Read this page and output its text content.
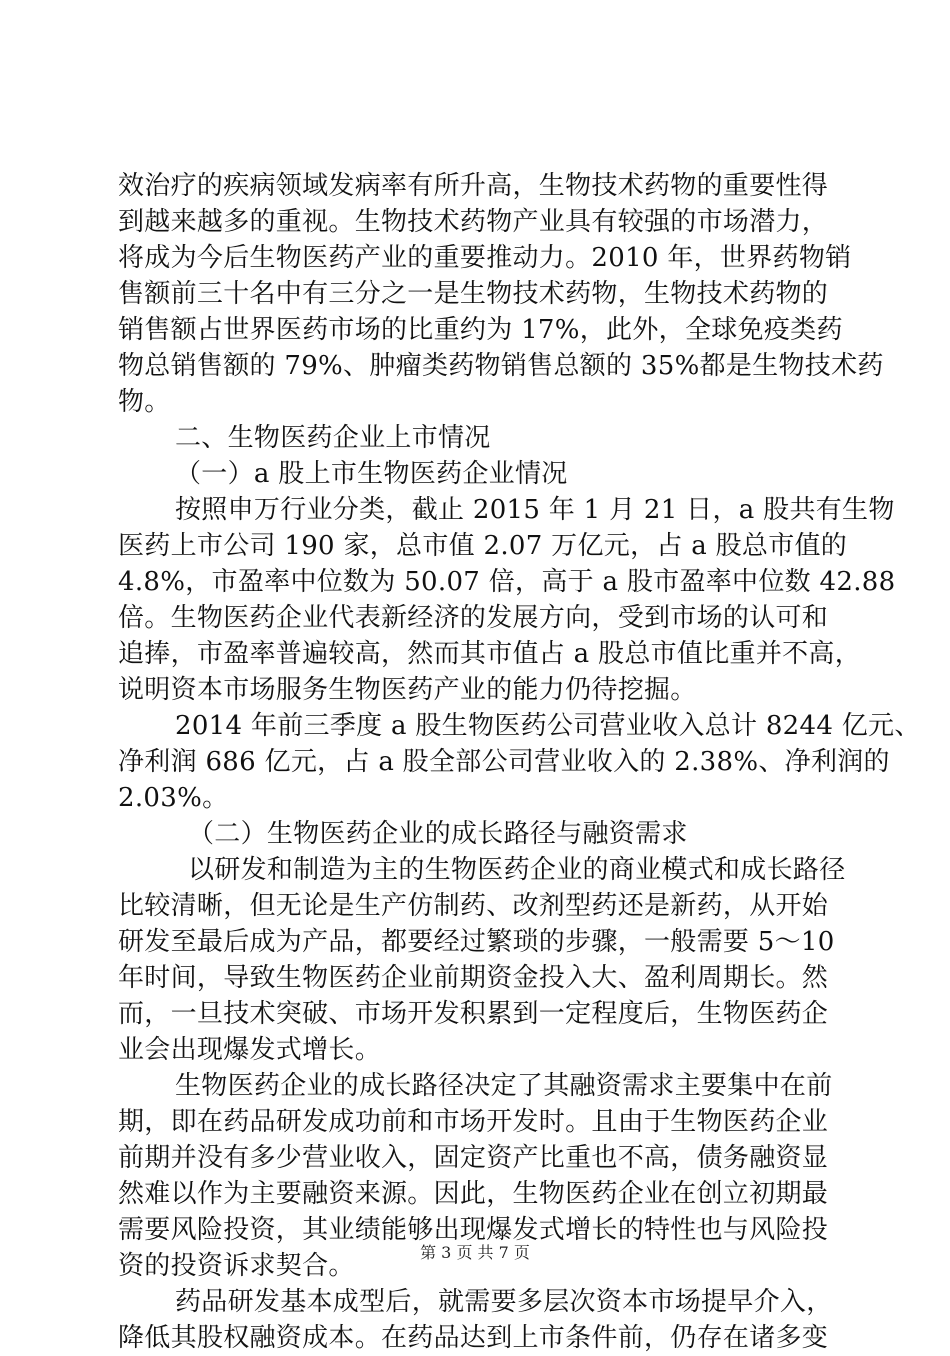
效治疗的疾病领域发病率有所升高，生物技术药物的重要性得
到越来越多的重视。生物技术药物产业具有较强的市场潜力，
将成为今后生物医药产业的重要推动力。2010 年，世界药物销
售额前三十名中有三分之一是生物技术药物，生物技术药物的
销售额占世界医药市场的比重约为 17%，此外，全球免疫类药
物总销售额的 79%、肿瘤类药物销售总额的 35%都是生物技术药
物。
二、生物医药企业上市情况
（一）a 股上市生物医药企业情况
按照申万行业分类，截止 2015 年 1 月 21 日，a 股共有生物
医药上市公司 190 家，总市值 2.07 万亿元，占 a 股总市值的
4.8%，市盈率中位数为 50.07 倍，高于 a 股市盈率中位数 42.88
倍。生物医药企业代表新经济的发展方向，受到市场的认可和
追捧，市盈率普遍较高，然而其市值占 a 股总市值比重并不高，
说明资本市场服务生物医药产业的能力仍待挖掘。
2014 年前三季度 a 股生物医药公司营业收入总计 8244 亿元、
净利润 686 亿元，占 a 股全部公司营业收入的 2.38%、净利润的
2.03%。
（二）生物医药企业的成长路径与融资需求
以研发和制造为主的生物医药企业的商业模式和成长路径
比较清晰，但无论是生产仿制药、改剂型药还是新药，从开始
研发至最后成为产品，都要经过繁琐的步骤，一般需要 5～10
年时间，导致生物医药企业前期资金投入大、盈利周期长。然
而，一旦技术突破、市场开发积累到一定程度后，生物医药企
业会出现爆发式增长。
生物医药企业的成长路径决定了其融资需求主要集中在前
期，即在药品研发成功前和市场开发时。且由于生物医药企业
前期并没有多少营业收入，固定资产比重也不高，债务融资显
然难以作为主要融资来源。因此，生物医药企业在创立初期最
需要风险投资，其业绩能够出现爆发式增长的特性也与风险投
资的投资诉求契合。
药品研发基本成型后，就需要多层次资本市场提早介入，
降低其股权融资成本。在药品达到上市条件前，仍存在诸多变
第 3 页 共 7 页
